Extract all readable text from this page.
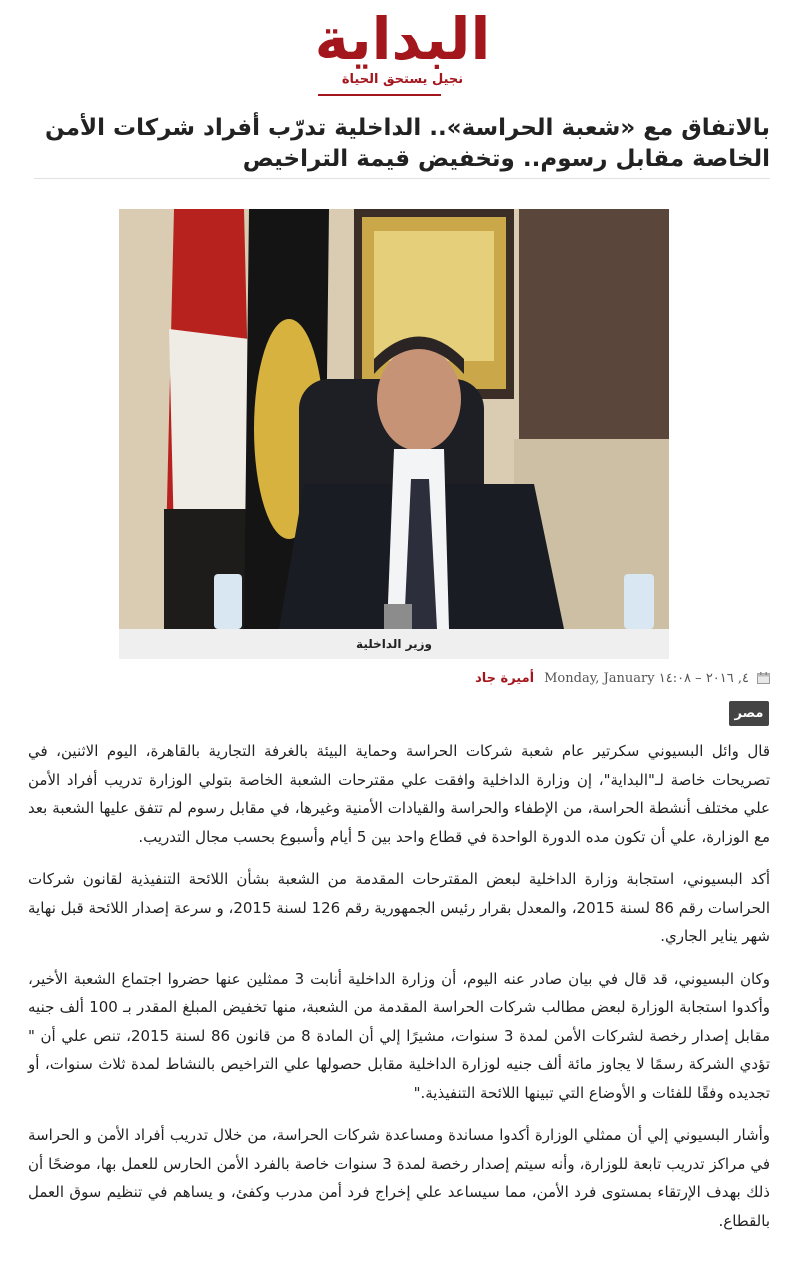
البداية
نجيل يستحق الحياة
بالاتفاق مع «شعبة الحراسة».. الداخلية تدرّب أفراد شركات الأمن الخاصة مقابل رسوم.. وتخفيض قيمة التراخيص
وزير الداخلية
أميرة جاد Monday, January ٤, ٢٠١٦ – ١٤:٠٨
مصر

قال وائل البسيوني سكرتير عام شعبة شركات الحراسة وحماية البيئة بالغرفة التجارية بالقاهرة، اليوم الاثنين، في تصريحات خاصة لـ"البداية"، إن وزارة الداخلية وافقت علي مقترحات الشعبة الخاصة بتولي الوزارة تدريب أفراد الأمن علي مختلف أنشطة الحراسة، من الإطفاء والحراسة والقيادات الأمنية وغيرها، في مقابل رسوم لم تتفق عليها الشعبة بعد مع الوزارة، علي أن تكون مده الدورة الواحدة في قطاع واحد بين 5 أيام وأسبوع بحسب مجال التدريب.

أكد البسيوني، استجابة وزارة الداخلية لبعض المقترحات المقدمة من الشعبة بشأن اللائحة التنفيذية لقانون شركات الحراسات رقم 86 لسنة 2015، والمعدل بقرار رئيس الجمهورية رقم 126 لسنة 2015، و سرعة إصدار اللائحة قبل نهاية شهر يناير الجاري.

وكان البسيوني، قد قال في بيان صادر عنه اليوم، أن وزارة الداخلية أنابت 3 ممثلين عنها حضروا اجتماع الشعبة الأخير، وأكدوا استجابة الوزارة لبعض مطالب شركات الحراسة المقدمة من الشعبة، منها تخفيض المبلغ المقدر بـ 100 ألف جنيه مقابل إصدار رخصة لشركات الأمن لمدة 3 سنوات، مشيرًا إلي أن المادة 8 من قانون 86 لسنة 2015، تنص علي أن " تؤدي الشركة رسمًا لا يجاوز مائة ألف جنيه لوزارة الداخلية مقابل حصولها علي التراخيص بالنشاط لمدة ثلاث سنوات، أو تجديده وفقًا للفئات و الأوضاع التي تبينها اللائحة التنفيذية."

وأشار البسيوني إلي أن ممثلي الوزارة أكدوا مساندة ومساعدة شركات الحراسة، من خلال تدريب أفراد الأمن و الحراسة في مراكز تدريب تابعة للوزارة، وأنه سيتم إصدار رخصة لمدة 3 سنوات خاصة بالفرد الأمن الحارس للعمل بها، موضحًا أن ذلك بهدف الإرتقاء بمستوى فرد الأمن، مما سيساعد علي إخراج فرد أمن مدرب وكفئ، و يساهم في تنظيم سوق العمل بالقطاع.
